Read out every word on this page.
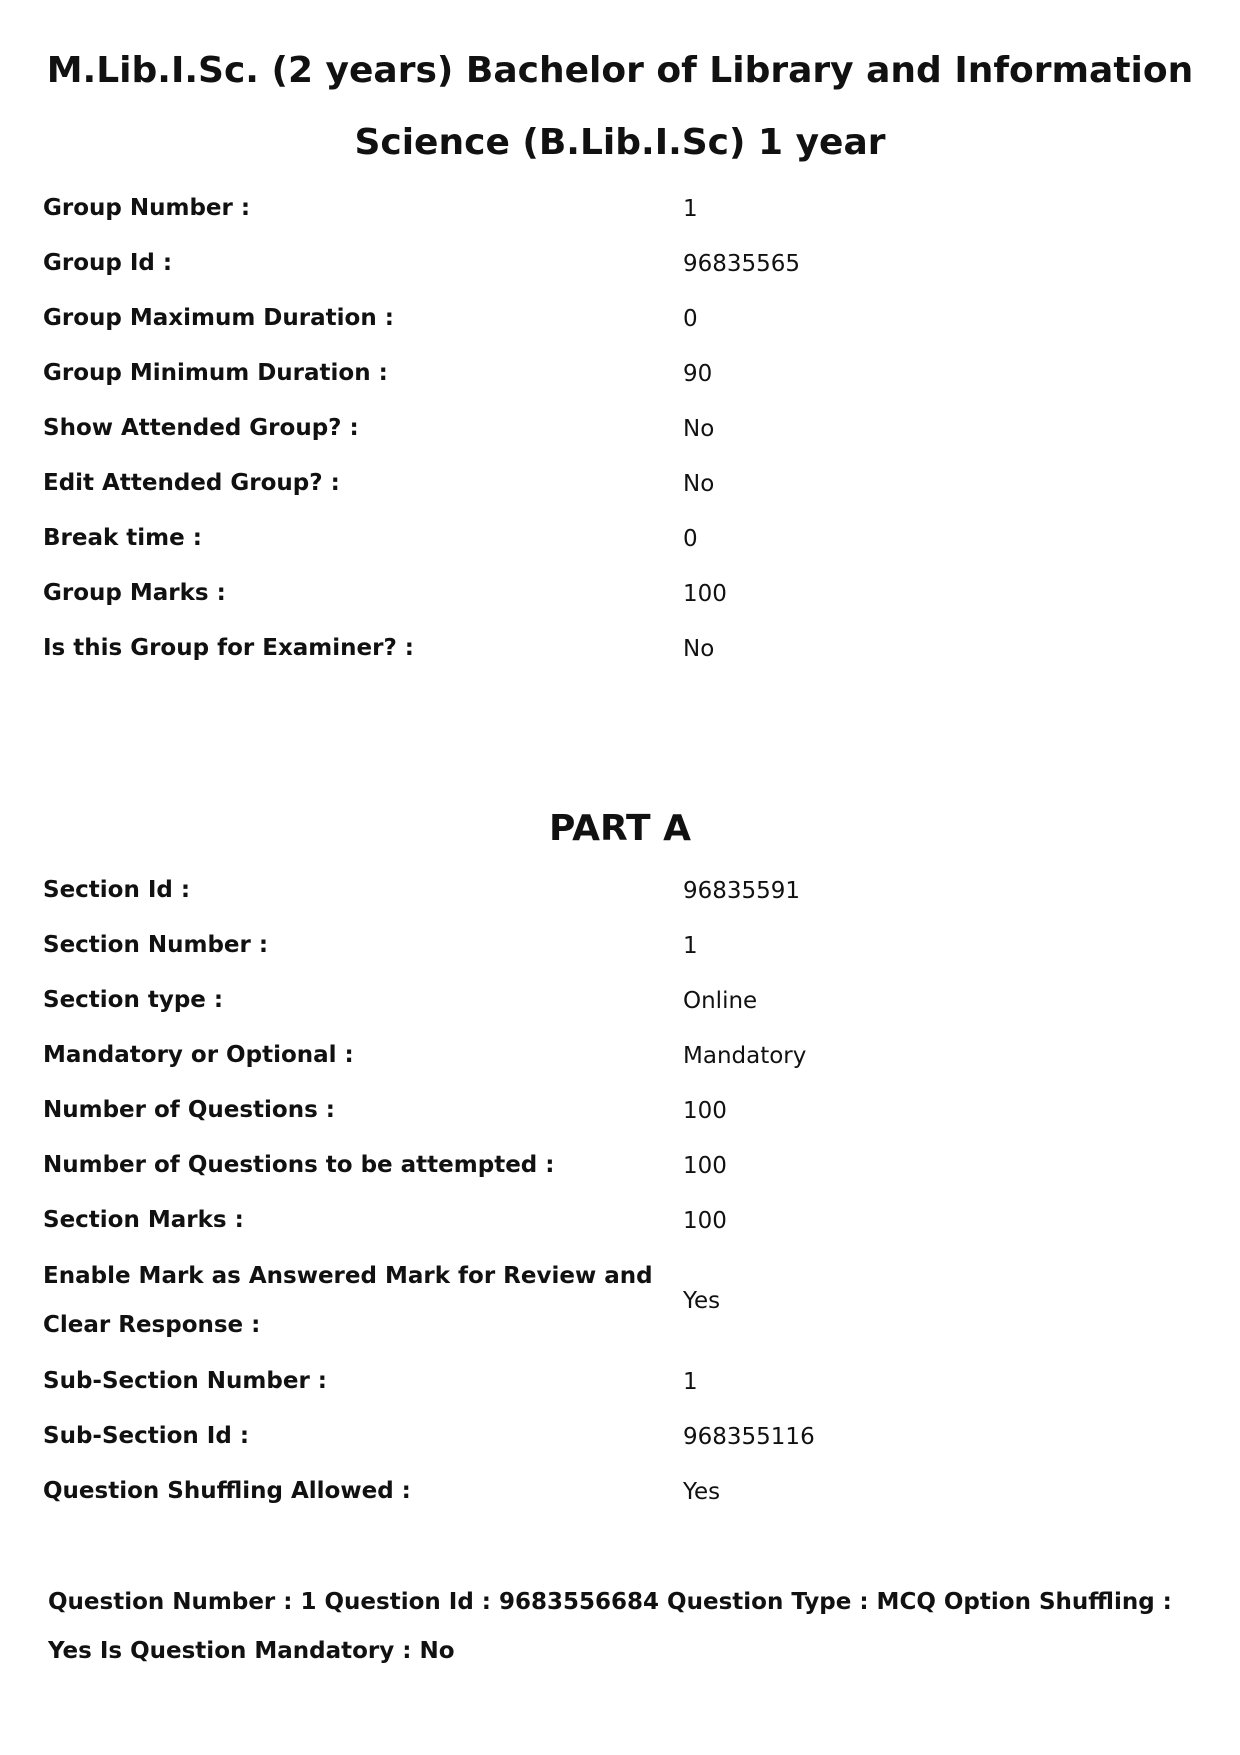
M.Lib.I.Sc. (2 years) Bachelor of Library and Information Science (B.Lib.I.Sc) 1 year
Group Number :	1
Group Id :	96835565
Group Maximum Duration :	0
Group Minimum Duration :	90
Show Attended Group? :	No
Edit Attended Group? :	No
Break time :	0
Group Marks :	100
Is this Group for Examiner? :	No
PART A
Section Id :	96835591
Section Number :	1
Section type :	Online
Mandatory or Optional :	Mandatory
Number of Questions :	100
Number of Questions to be attempted :	100
Section Marks :	100
Enable Mark as Answered Mark for Review and Clear Response :	Yes
Sub-Section Number :	1
Sub-Section Id :	968355116
Question Shuffling Allowed :	Yes

Question Number : 1 Question Id : 9683556684 Question Type : MCQ Option Shuffling : Yes Is Question Mandatory : No
